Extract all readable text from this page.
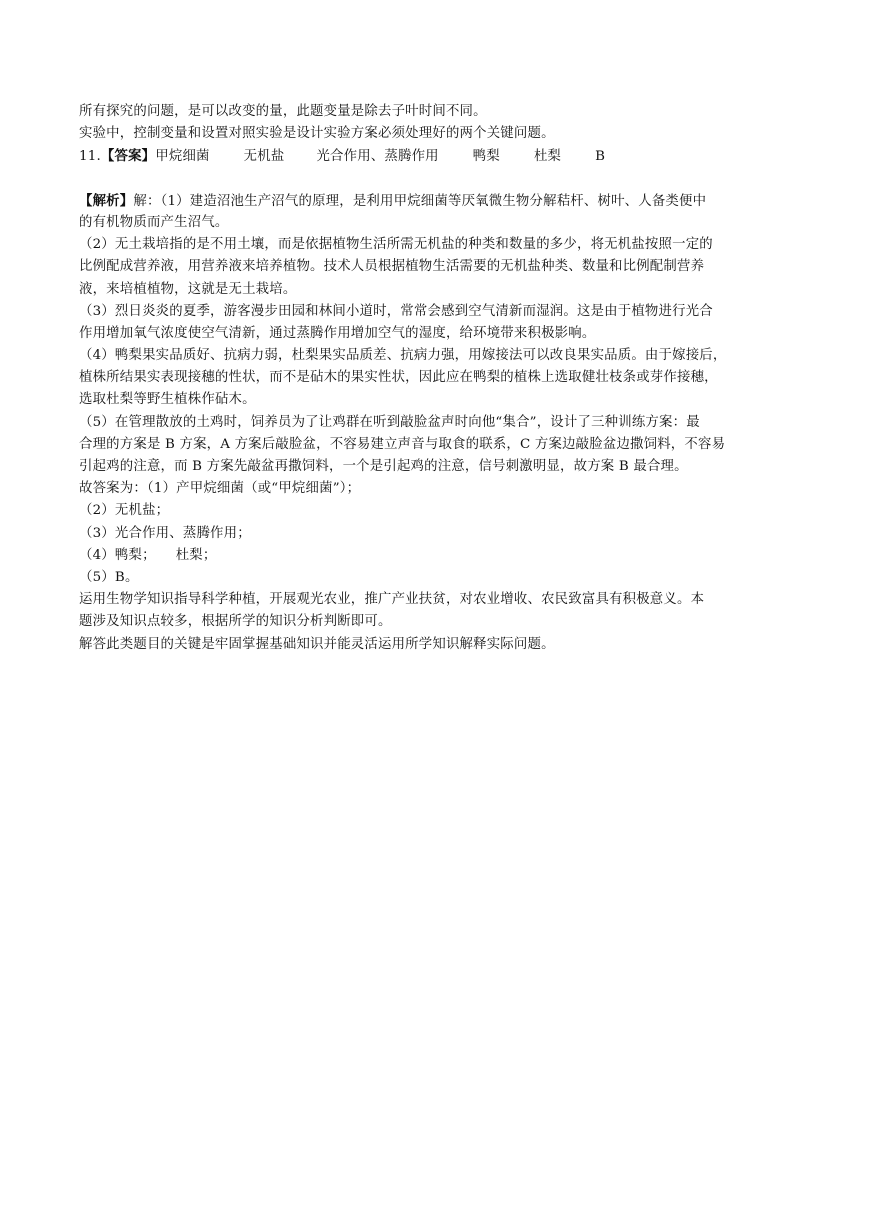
所有探究的问题，是可以改变的量，此题变量是除去子叶时间不同。
实验中，控制变量和设置对照实验是设计实验方案必须处理好的两个关键问题。
11.【答案】甲烷细菌	无机盐 光合作用、蒸腾作用	鸭梨	杜梨	B
【解析】解：（1）建造沼池生产沼气的原理，是利用甲烷细菌等厌氧微生物分解秸杆、树叶、人备类便中
的有机物质而产生沼气。
（2）无土栽培指的是不用土壤，而是依据植物生活所需无机盐的种类和数量的多少，将无机盐按照一定的
比例配成营养液，用营养液来培养植物。技术人员根据植物生活需要的无机盐种类、数量和比例配制营养
液，来培植植物，这就是无土栽培。
（3）烈日炎炎的夏季，游客漫步田园和林间小道时，常常会感到空气清新而湿润。这是由于植物进行光合
作用增加氧气浓度使空气清新，通过蒸腾作用增加空气的湿度，给环境带来积极影响。
（4）鸭梨果实品质好、抗病力弱，杜梨果实品质差、抗病力强，用嫁接法可以改良果实品质。由于嫁接后，
植株所结果实表现接穗的性状，而不是砧木的果实性状，因此应在鸭梨的植株上选取健壮枝条或芽作接穗，
选取杜梨等野生植株作砧木。
（5）在管理散放的土鸡时，饲养员为了让鸡群在听到敲脸盆声时向他“集合”，设计了三种训练方案：最
合理的方案是 B 方案，A 方案后敲脸盆，不容易建立声音与取食的联系，C 方案边敲脸盆边撒饲料，不容易
引起鸡的注意，而 B 方案先敲盆再撒饲料，一个是引起鸡的注意，信号刺激明显，故方案 B 最合理。
故答案为：（1）产甲烷细菌（或“甲烷细菌”）；
（2）无机盐；
（3）光合作用、蒸腾作用；
（4）鸭梨； 杜梨；
（5）B。
运用生物学知识指导科学种植，开展观光农业，推广产业扶贫，对农业增收、农民致富具有积极意义。本
题涉及知识点较多，根据所学的知识分析判断即可。
解答此类题目的关键是牢固掌握基础知识并能灵活运用所学知识解释实际问题。
